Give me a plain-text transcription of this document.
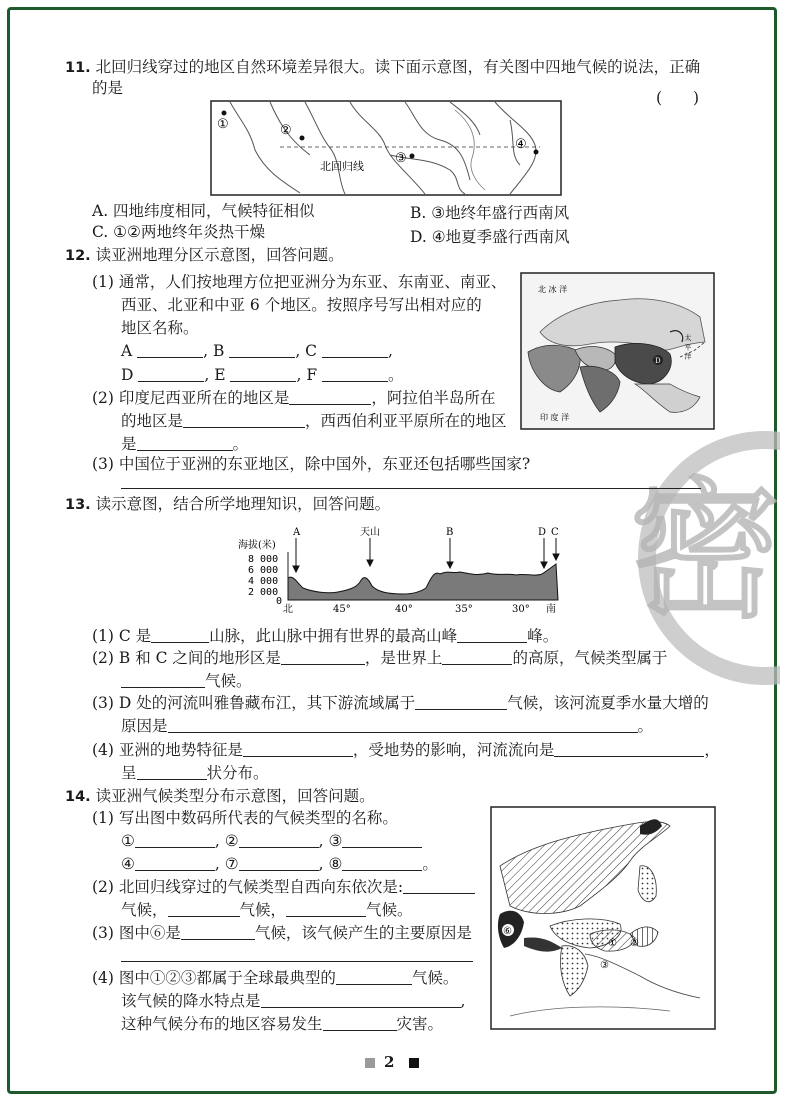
密
11. 北回归线穿过的地区自然环境差异很大。读下面示意图，有关图中四地气候的说法，正确
的是
(　　)
①	②
北回归线
③
④
A. 四地纬度相同，气候特征相似	B. ③地终年盛行西南风
C. ①②两地终年炎热干燥	D. ④地夏季盛行西南风
12. 读亚洲地理分区示意图，回答问题。
(1) 通常，人们按地理方位把亚洲分为东亚、东南亚、南亚、
西亚、北亚和中亚 6 个地区。按照序号写出相对应的
地区名称。
A	, B	, C	,
D	, E	, F	。
(2) 印度尼西亚所在的地区是	，阿拉伯半岛所在
的地区是	，西西伯利亚平原所在的地区
是	。
(3) 中国位于亚洲的东亚地区，除中国外，东亚还包括哪些国家?
D
北 冰 洋
太 平 洋
印 度 洋
13. 读示意图，结合所学地理知识，回答问题。
海拔(米)
8 000
6 000
4 000
2 000
0
A	天山	B	D C
北	45°	40°	35°	30° 南
(1) C 是	山脉，此山脉中拥有世界的最高山峰	峰。
(2) B 和 C 之间的地形区是	，是世界上	的高原，气候类型属于
气候。
(3) D 处的河流叫雅鲁藏布江，其下游流域属于	气候，该河流夏季水量大增的
原因是	。
(4) 亚洲的地势特征是	，受地势的影响，河流流向是	，
呈	状分布。
14. 读亚洲气候类型分布示意图，回答问题。
(1) 写出图中数码所代表的气候类型的名称。
①	, ②	, ③
④	, ⑦	, ⑧	。
(2) 北回归线穿过的气候类型自西向东依次是:
气候，	气候，	气候。
(3) 图中⑥是	气候，该气候产生的主要原因是
(4) 图中①②③都属于全球最典型的	气候。
该气候的降水特点是	,
这种气候分布的地区容易发生	灾害。
⑥
① ②
③
2
